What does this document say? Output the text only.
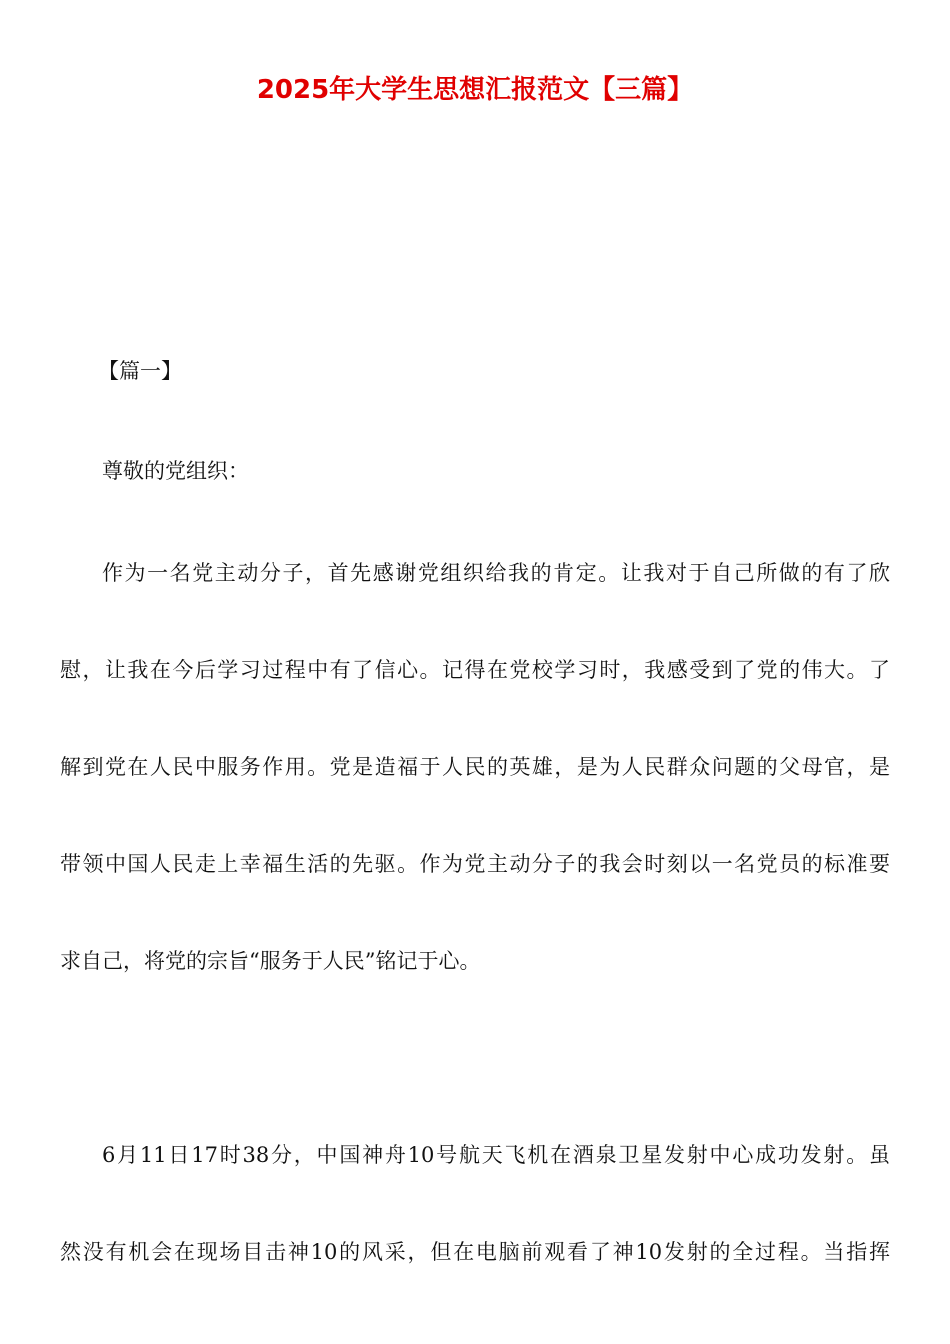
2025年大学生思想汇报范文【三篇】
【篇一】
尊敬的党组织：
作为一名党主动分子，首先感谢党组织给我的肯定。让我对于自己所做的有了欣
慰，让我在今后学习过程中有了信心。记得在党校学习时，我感受到了党的伟大。了
解到党在人民中服务作用。党是造福于人民的英雄，是为人民群众问题的父母官，是
带领中国人民走上幸福生活的先驱。作为党主动分子的我会时刻以一名党员的标准要
求自己，将党的宗旨“服务于人民”铭记于心。
6月11日17时38分，中国神舟10号航天飞机在酒泉卫星发射中心成功发射。虽
然没有机会在现场目击神10的风采，但在电脑前观看了神10发射的全过程。当指挥
